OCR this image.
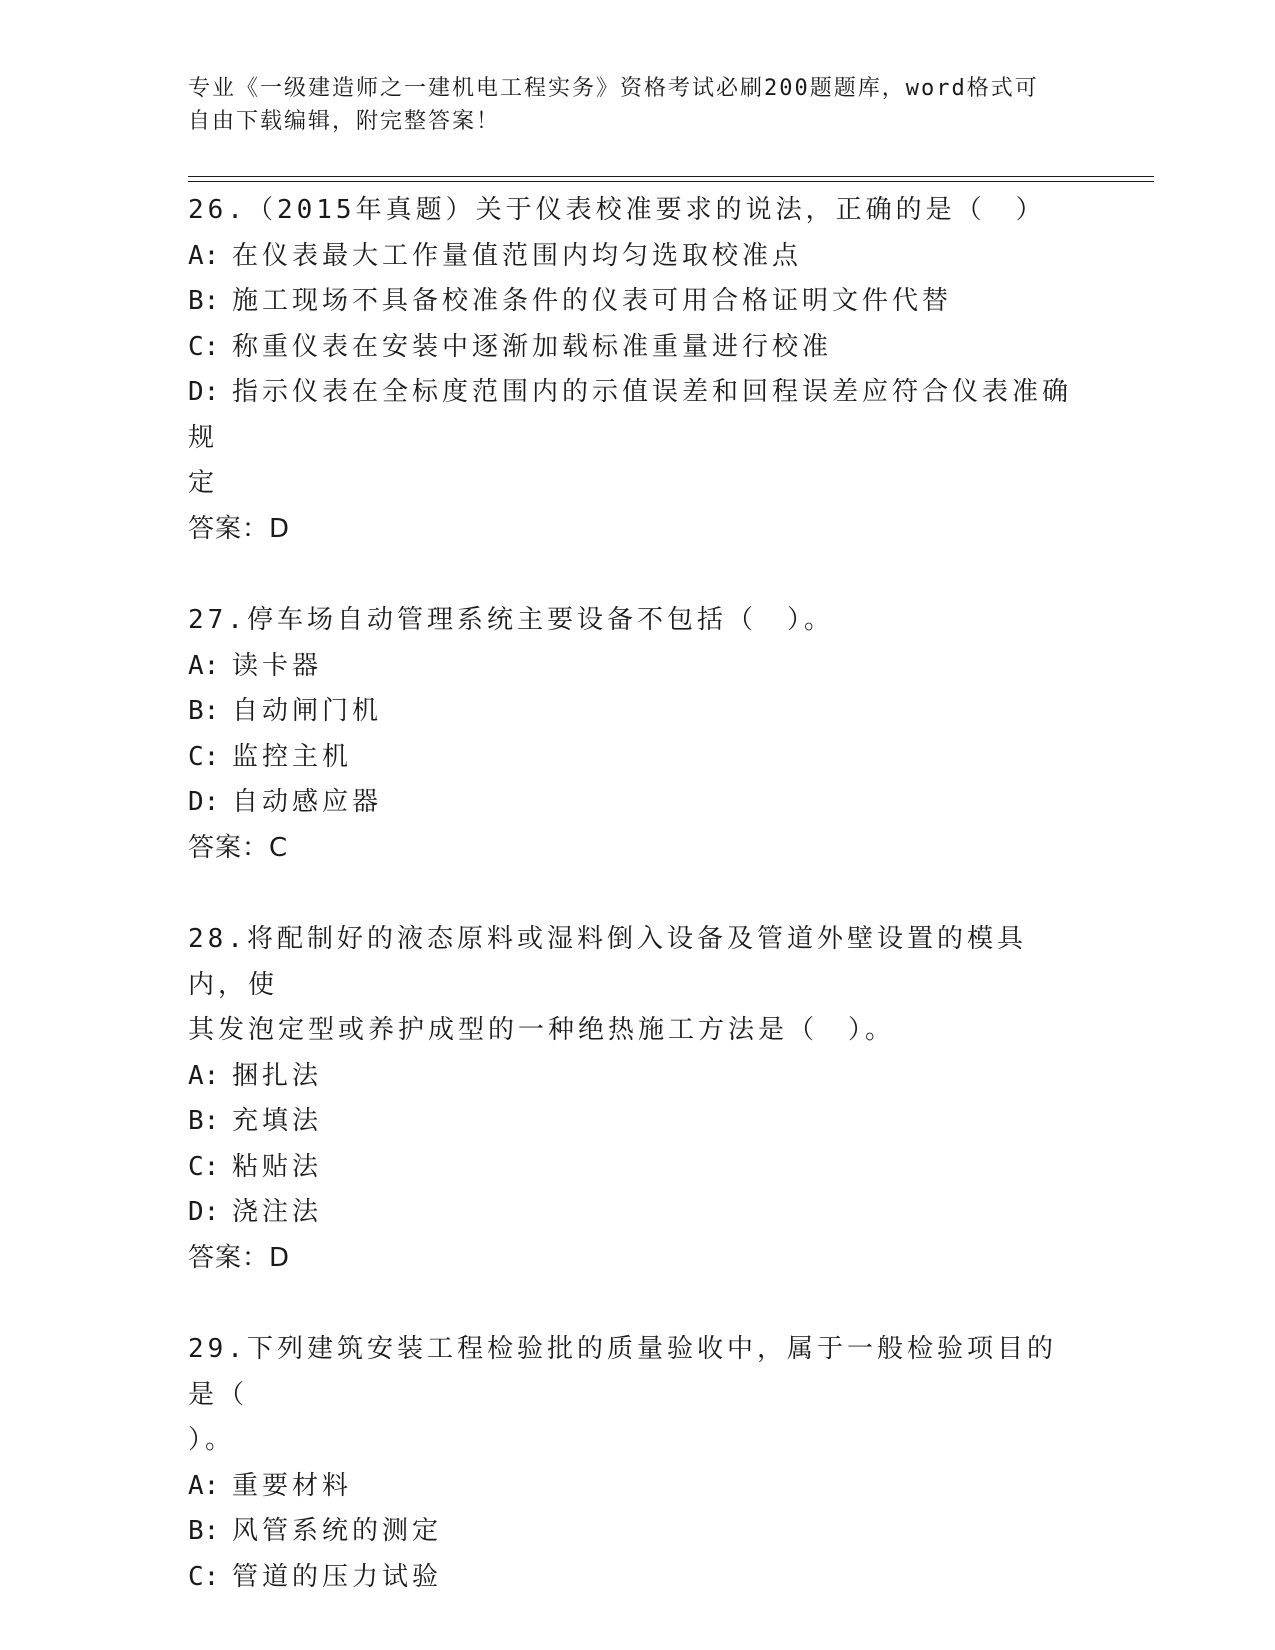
专业《一级建造师之一建机电工程实务》资格考试必刷200题题库，word格式可
自由下载编辑，附完整答案！
26.（2015年真题）关于仪表校准要求的说法，正确的是（　）
A: 在仪表最大工作量值范围内均匀选取校准点
B: 施工现场不具备校准条件的仪表可用合格证明文件代替
C: 称重仪表在安装中逐渐加载标准重量进行校准
D: 指示仪表在全标度范围内的示值误差和回程误差应符合仪表准确规
定
答案：D
27.停车场自动管理系统主要设备不包括（　）。
A: 读卡器
B: 自动闸门机
C: 监控主机
D: 自动感应器
答案：C
28.将配制好的液态原料或湿料倒入设备及管道外壁设置的模具内，使
其发泡定型或养护成型的一种绝热施工方法是（　）。
A: 捆扎法
B: 充填法
C: 粘贴法
D: 浇注法
答案：D
29.下列建筑安装工程检验批的质量验收中，属于一般检验项目的是（
）。
A: 重要材料
B: 风管系统的测定
C: 管道的压力试验
